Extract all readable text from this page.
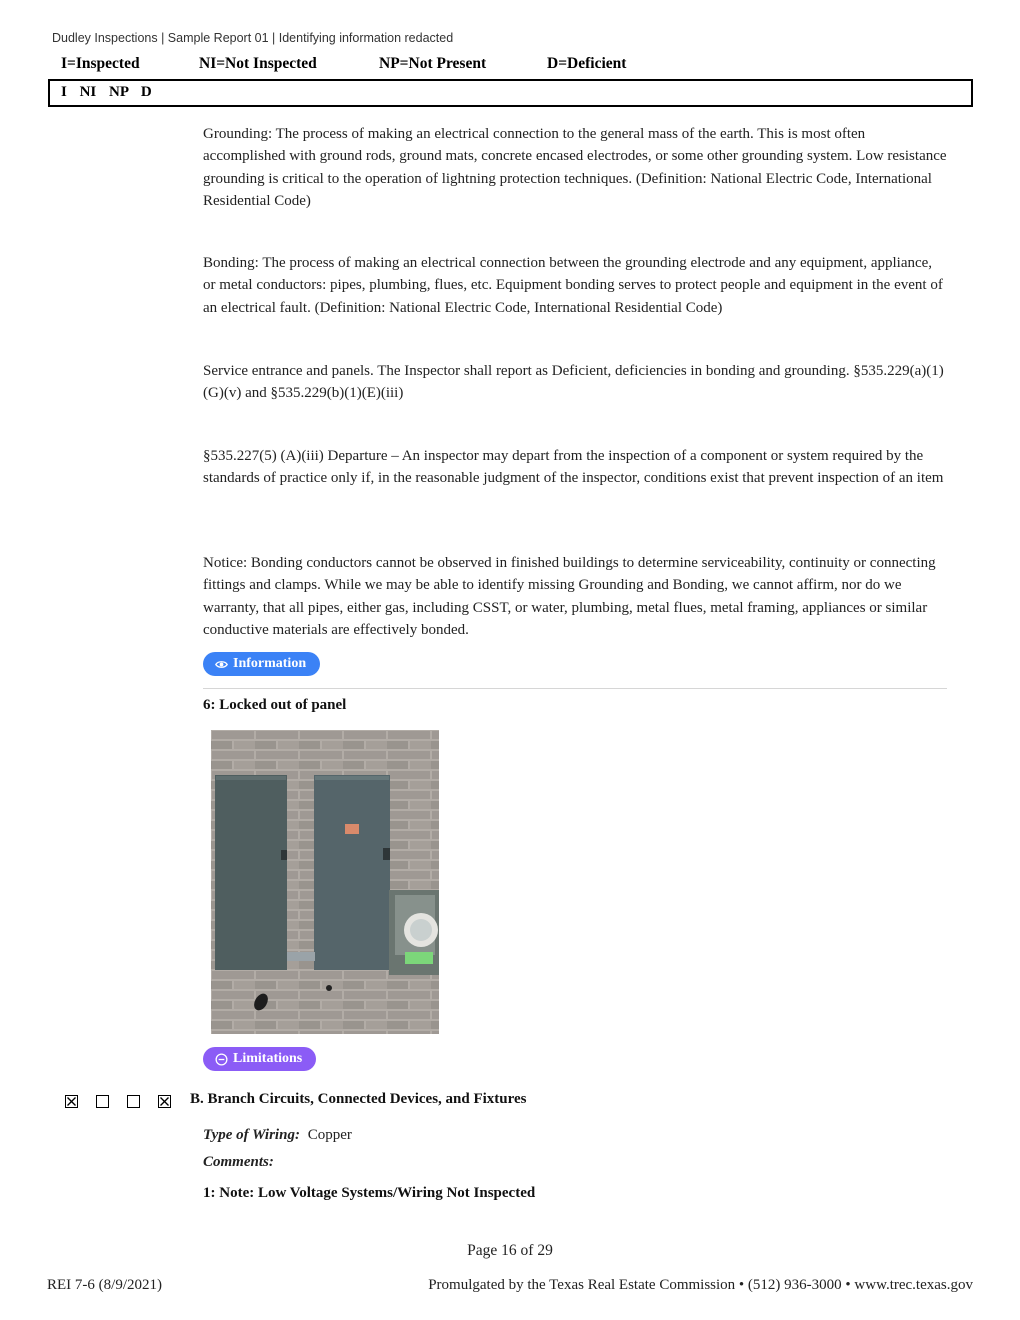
Dudley Inspections | Sample Report 01 | Identifying information redacted
I=Inspected	NI=Not Inspected	NP=Not Present	D=Deficient
I NI NP D
Grounding: The process of making an electrical connection to the general mass of the earth. This is most often accomplished with ground rods, ground mats, concrete encased electrodes, or some other grounding system. Low resistance grounding is critical to the operation of lightning protection techniques. (Definition: National Electric Code, International Residential Code)
Bonding: The process of making an electrical connection between the grounding electrode and any equipment, appliance, or metal conductors: pipes, plumbing, flues, etc. Equipment bonding serves to protect people and equipment in the event of an electrical fault. (Definition: National Electric Code, International Residential Code)
Service entrance and panels. The Inspector shall report as Deficient, deficiencies in bonding and grounding. §535.229(a)(1)(G)(v) and §535.229(b)(1)(E)(iii)
§535.227(5) (A)(iii) Departure – An inspector may depart from the inspection of a component or system required by the standards of practice only if, in the reasonable judgment of the inspector, conditions exist that prevent inspection of an item
Notice: Bonding conductors cannot be observed in finished buildings to determine serviceability, continuity or connecting fittings and clamps. While we may be able to identify missing Grounding and Bonding, we cannot affirm, nor do we warranty, that all pipes, either gas, including CSST, or water, plumbing, metal flues, metal framing, appliances or similar conductive materials are effectively bonded.
Information
6: Locked out of panel
Limitations
B. Branch Circuits, Connected Devices, and Fixtures
Type of Wiring: Copper
Comments:
1: Note: Low Voltage Systems/Wiring Not Inspected
Page 16 of 29
REI 7-6 (8/9/2021)	Promulgated by the Texas Real Estate Commission • (512) 936-3000 • www.trec.texas.gov
